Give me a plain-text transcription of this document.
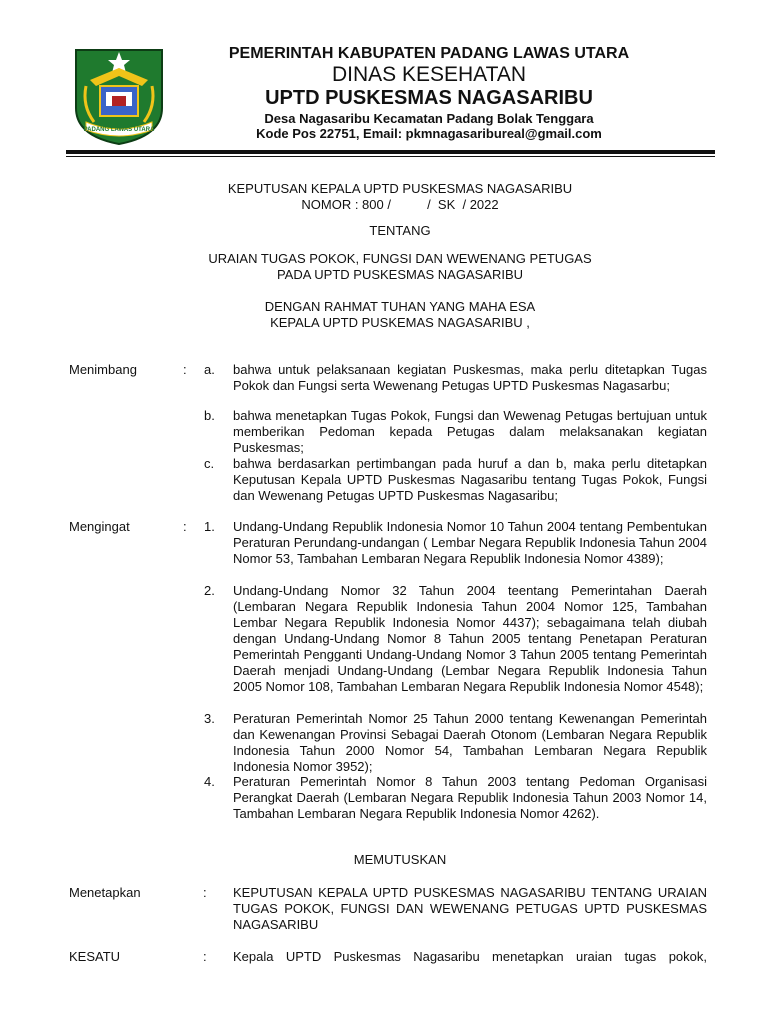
PADANG LAWAS UTARA
PEMERINTAH KABUPATEN PADANG LAWAS UTARA
DINAS KESEHATAN
UPTD PUSKESMAS NAGASARIBU
Desa Nagasaribu Kecamatan Padang Bolak Tenggara
Kode Pos 22751, Email: pkmnagasaribureal@gmail.com
KEPUTUSAN KEPALA UPTD PUSKESMAS NAGASARIBU
NOMOR : 800 /          /  SK  / 2022
TENTANG
URAIAN TUGAS POKOK, FUNGSI DAN WEWENANG PETUGAS
PADA UPTD PUSKESMAS NAGASARIBU
DENGAN RAHMAT TUHAN YANG MAHA ESA
KEPALA UPTD PUSKEMAS NAGASARIBU ,
Menimbang	: a. bahwa untuk pelaksanaan kegiatan Puskesmas, maka perlu ditetapkan Tugas Pokok dan Fungsi serta Wewenang Petugas UPTD Puskesmas Nagasarbu;
b. bahwa menetapkan Tugas Pokok, Fungsi dan Wewenag Petugas bertujuan untuk memberikan Pedoman kepada Petugas dalam melaksanakan kegiatan Puskesmas;
c. bahwa berdasarkan pertimbangan pada huruf a dan b, maka perlu ditetapkan Keputusan Kepala UPTD Puskesmas Nagasaribu tentang Tugas Pokok, Fungsi dan Wewenang Petugas UPTD Puskesmas Nagasaribu;
Mengingat	: 1. Undang-Undang Republik Indonesia Nomor 10 Tahun 2004 tentang Pembentukan Peraturan Perundang-undangan ( Lembar Negara Republik Indonesia Tahun 2004 Nomor 53, Tambahan Lembaran Negara Republik Indonesia Nomor 4389);
2. Undang-Undang Nomor 32 Tahun 2004 teentang Pemerintahan Daerah (Lembaran Negara Republik Indonesia Tahun 2004 Nomor 125, Tambahan Lembar Negara Republik Indonesia Nomor 4437); sebagaimana telah diubah dengan Undang-Undang Nomor 8 Tahun 2005 tentang Penetapan Peraturan Pemerintah Pengganti Undang-Undang Nomor 3 Tahun 2005 tentang Pemerintah Daerah menjadi Undang-Undang (Lembar Negara Republik Indonesia Tahun 2005 Nomor 108, Tambahan Lembaran Negara Republik Indonesia Nomor 4548);
3. Peraturan Pemerintah Nomor 25 Tahun 2000 tentang Kewenangan Pemerintah dan Kewenangan Provinsi Sebagai Daerah Otonom (Lembaran Negara Republik Indonesia Tahun 2000 Nomor 54, Tambahan Lembaran Negara Republik Indonesia Nomor 3952);
4. Peraturan Pemerintah Nomor 8 Tahun 2003 tentang Pedoman Organisasi Perangkat Daerah (Lembaran Negara Republik Indonesia Tahun 2003 Nomor 14, Tambahan Lembaran Negara Republik Indonesia Nomor 4262).
MEMUTUSKAN
Menetapkan	: KEPUTUSAN KEPALA UPTD PUSKESMAS NAGASARIBU TENTANG URAIAN TUGAS POKOK, FUNGSI DAN WEWENANG PETUGAS UPTD PUSKESMAS NAGASARIBU
KESATU	: Kepala UPTD Puskesmas Nagasaribu menetapkan uraian tugas pokok,
